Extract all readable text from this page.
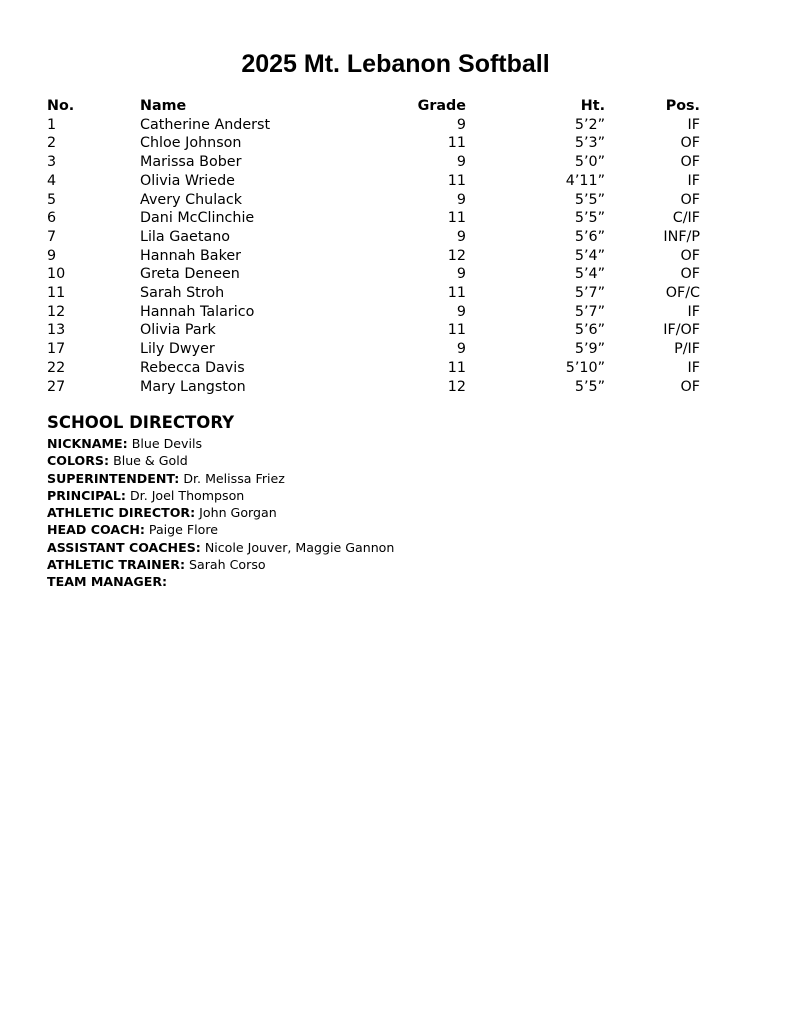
2025 Mt. Lebanon Softball
No.	Name	Grade	Ht.	Pos.
1	Catherine Anderst	9	5’2”	IF
2	Chloe Johnson	11	5’3”	OF
3	Marissa Bober	9	5’0”	OF
4	Olivia Wriede	11	4’11”	IF
5	Avery Chulack	9	5’5”	OF
6	Dani McClinchie	11	5’5”	C/IF
7	Lila Gaetano	9	5’6”	INF/P
9	Hannah Baker	12	5’4”	OF
10	Greta Deneen	9	5’4”	OF
11	Sarah Stroh	11	5’7”	OF/C
12	Hannah Talarico	9	5’7”	IF
13	Olivia Park	11	5’6”	IF/OF
17	Lily Dwyer	9	5’9”	P/IF
22	Rebecca Davis	11	5’10”	IF
27	Mary Langston	12	5’5”	OF
SCHOOL DIRECTORY
NICKNAME: Blue Devils
COLORS: Blue & Gold
SUPERINTENDENT: Dr. Melissa Friez
PRINCIPAL: Dr. Joel Thompson
ATHLETIC DIRECTOR: John Gorgan
HEAD COACH: Paige Flore
ASSISTANT COACHES: Nicole Jouver, Maggie Gannon
ATHLETIC TRAINER: Sarah Corso
TEAM MANAGER:
